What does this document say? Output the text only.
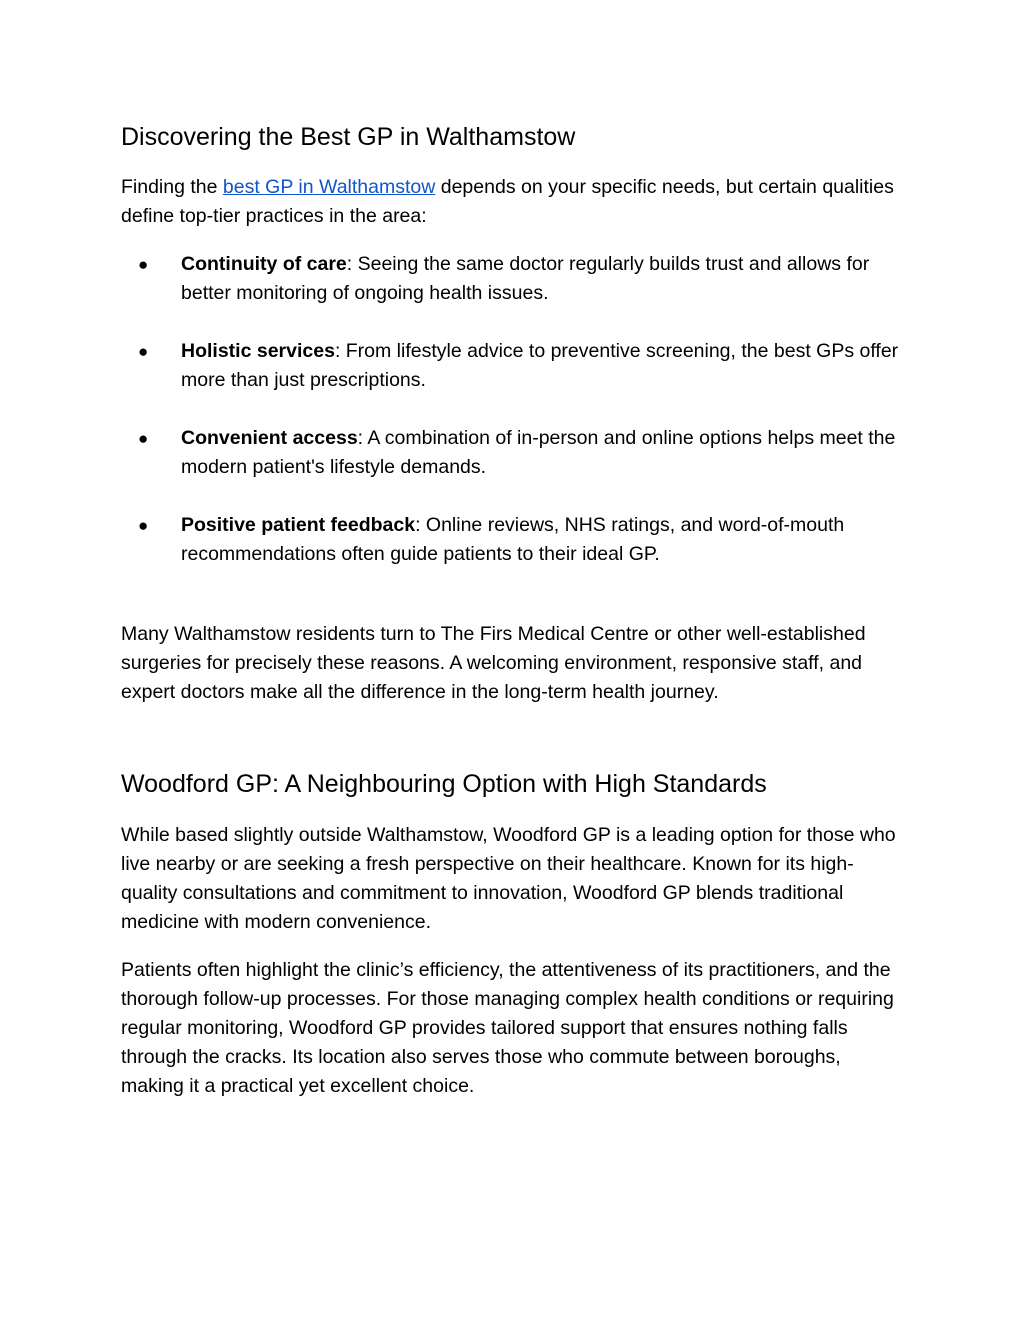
Discovering the Best GP in Walthamstow

Finding the best GP in Walthamstow depends on your specific needs, but certain qualities define top-tier practices in the area:

● Continuity of care: Seeing the same doctor regularly builds trust and allows for better monitoring of ongoing health issues.
● Holistic services: From lifestyle advice to preventive screening, the best GPs offer more than just prescriptions.
● Convenient access: A combination of in-person and online options helps meet the modern patient's lifestyle demands.
● Positive patient feedback: Online reviews, NHS ratings, and word-of-mouth recommendations often guide patients to their ideal GP.

Many Walthamstow residents turn to The Firs Medical Centre or other well-established surgeries for precisely these reasons. A welcoming environment, responsive staff, and expert doctors make all the difference in the long-term health journey.

Woodford GP: A Neighbouring Option with High Standards

While based slightly outside Walthamstow, Woodford GP is a leading option for those who live nearby or are seeking a fresh perspective on their healthcare. Known for its high-quality consultations and commitment to innovation, Woodford GP blends traditional medicine with modern convenience.

Patients often highlight the clinic’s efficiency, the attentiveness of its practitioners, and the thorough follow-up processes. For those managing complex health conditions or requiring regular monitoring, Woodford GP provides tailored support that ensures nothing falls through the cracks. Its location also serves those who commute between boroughs, making it a practical yet excellent choice.
